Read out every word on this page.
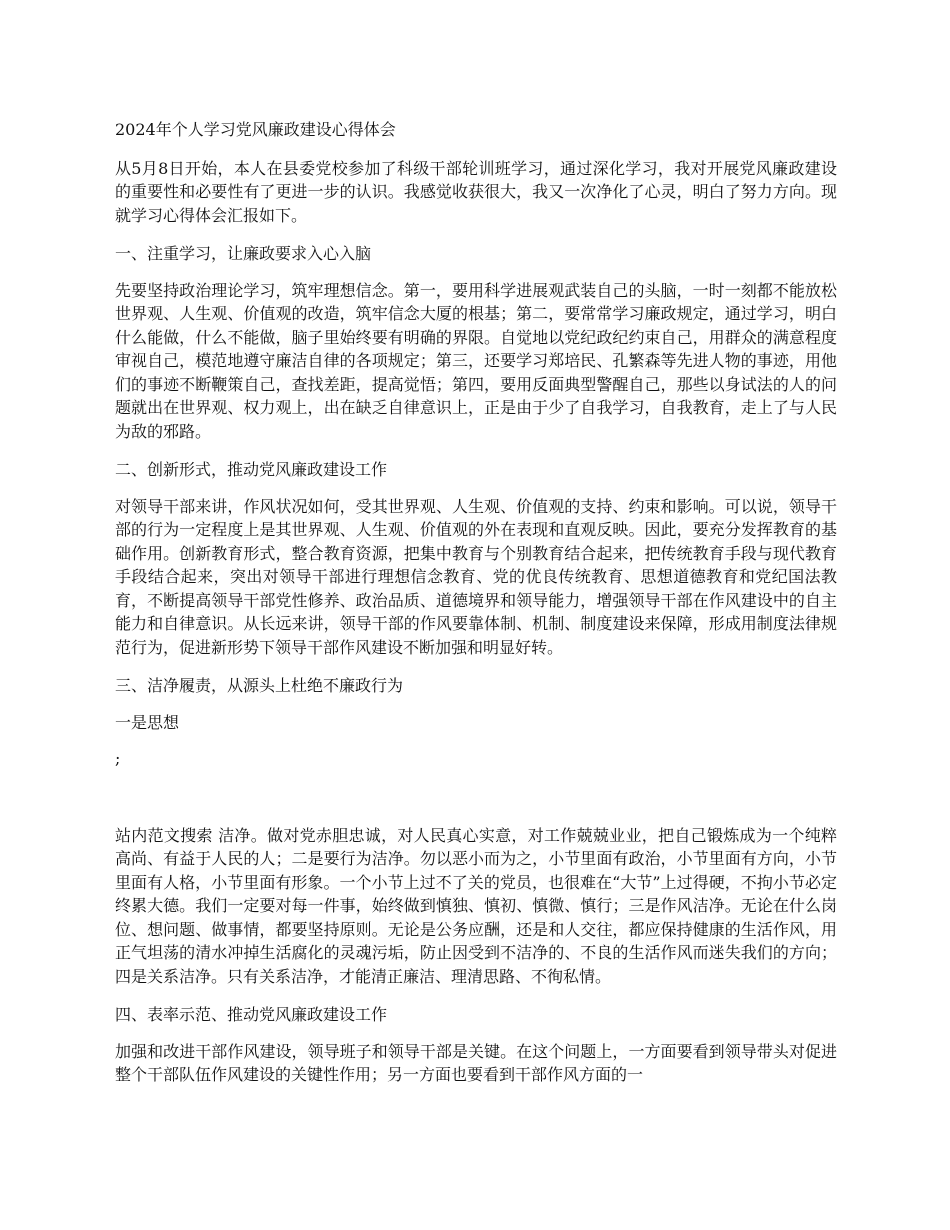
2024年个人学习党风廉政建设心得体会

从5月8日开始，本人在县委党校参加了科级干部轮训班学习，通过深化学习，我对开展党风廉政建设的重要性和必要性有了更进一步的认识。我感觉收获很大，我又一次净化了心灵，明白了努力方向。现就学习心得体会汇报如下。

一、注重学习，让廉政要求入心入脑

先要坚持政治理论学习，筑牢理想信念。第一，要用科学进展观武装自己的头脑，一时一刻都不能放松世界观、人生观、价值观的改造，筑牢信念大厦的根基；第二，要常常学习廉政规定，通过学习，明白什么能做，什么不能做，脑子里始终要有明确的界限。自觉地以党纪政纪约束自己，用群众的满意程度审视自己，模范地遵守廉洁自律的各项规定；第三，还要学习郑培民、孔繁森等先进人物的事迹，用他们的事迹不断鞭策自己，查找差距，提高觉悟；第四，要用反面典型警醒自己，那些以身试法的人的问题就出在世界观、权力观上，出在缺乏自律意识上，正是由于少了自我学习，自我教育，走上了与人民为敌的邪路。

二、创新形式，推动党风廉政建设工作

对领导干部来讲，作风状况如何，受其世界观、人生观、价值观的支持、约束和影响。可以说，领导干部的行为一定程度上是其世界观、人生观、价值观的外在表现和直观反映。因此，要充分发挥教育的基础作用。创新教育形式，整合教育资源，把集中教育与个别教育结合起来，把传统教育手段与现代教育手段结合起来，突出对领导干部进行理想信念教育、党的优良传统教育、思想道德教育和党纪国法教育，不断提高领导干部党性修养、政治品质、道德境界和领导能力，增强领导干部在作风建设中的自主能力和自律意识。从长远来讲，领导干部的作风要靠体制、机制、制度建设来保障，形成用制度法律规范行为，促进新形势下领导干部作风建设不断加强和明显好转。

三、洁净履责，从源头上杜绝不廉政行为

一是思想

;

站内范文搜索 洁净。做对党赤胆忠诚，对人民真心实意，对工作兢兢业业，把自己锻炼成为一个纯粹高尚、有益于人民的人；二是要行为洁净。勿以恶小而为之，小节里面有政治，小节里面有方向，小节里面有人格，小节里面有形象。一个小节上过不了关的党员，也很难在“大节”上过得硬，不拘小节必定终累大德。我们一定要对每一件事，始终做到慎独、慎初、慎微、慎行；三是作风洁净。无论在什么岗位、想问题、做事情，都要坚持原则。无论是公务应酬，还是和人交往，都应保持健康的生活作风，用正气坦荡的清水冲掉生活腐化的灵魂污垢，防止因受到不洁净的、不良的生活作风而迷失我们的方向；四是关系洁净。只有关系洁净，才能清正廉洁、理清思路、不徇私情。

四、表率示范、推动党风廉政建设工作

加强和改进干部作风建设，领导班子和领导干部是关键。在这个问题上，一方面要看到领导带头对促进整个干部队伍作风建设的关键性作用；另一方面也要看到干部作风方面的一
